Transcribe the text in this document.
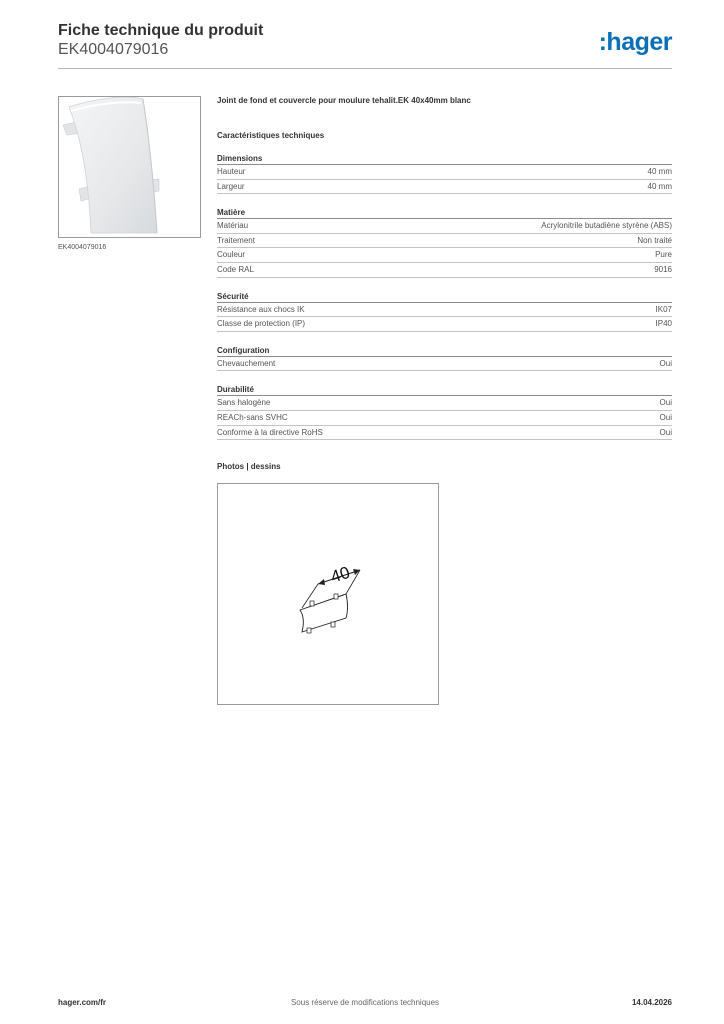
Fiche technique du produit
EK4004079016	:hager
EK4004079016
Joint de fond et couvercle pour moulure tehalit.EK 40x40mm blanc
Caractéristiques techniques
Dimensions
Hauteur	40 mm
Largeur	40 mm
Matière
Matériau	Acrylonitrile butadiène styrène (ABS)
Traitement	Non traité
Couleur	Pure
Code RAL	9016
Sécurité
Résistance aux chocs IK	IK07
Classe de protection (IP)	IP40
Configuration
Chevauchement	Oui
Durabilité
Sans halogène	Oui
REACh-sans SVHC	Oui
Conforme à la directive RoHS	Oui
Photos | dessins
40
hager.com/fr	Sous réserve de modifications techniques	14.04.2026
